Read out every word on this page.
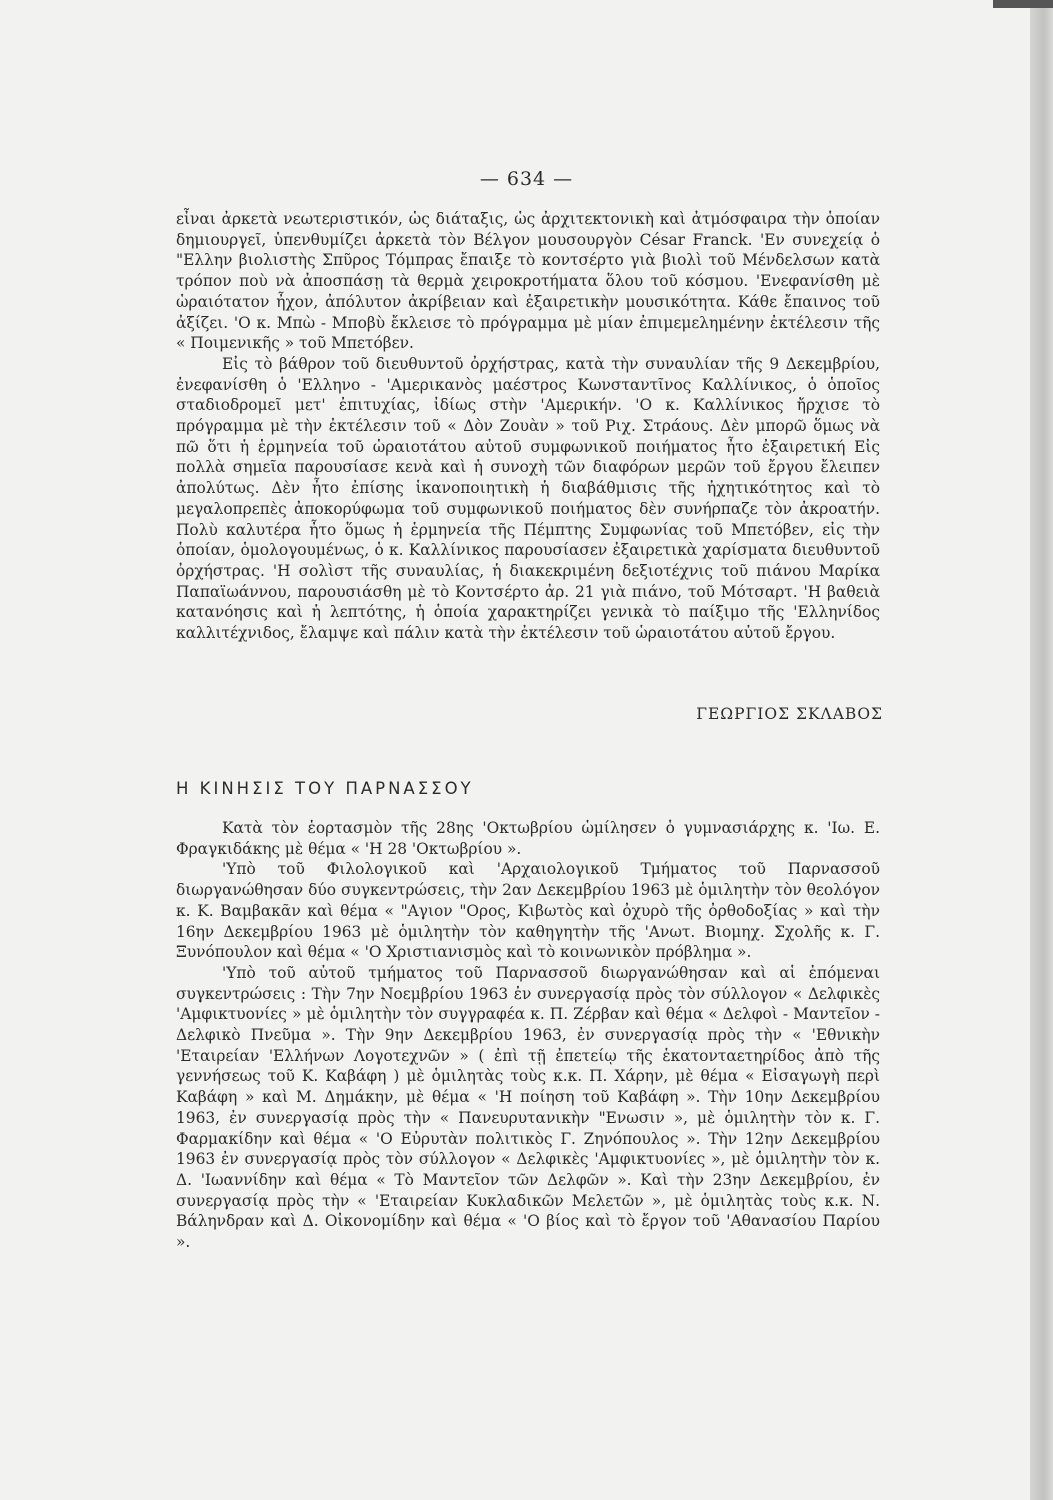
— 634 —

εἶναι ἀρκετὰ νεωτεριστικόν, ὡς διάταξις, ὡς ἀρχιτεκτονικὴ καὶ ἀτμόσφαιρα τὴν ὁποίαν δημιουργεῖ, ὑπενθυμίζει ἀρκετὰ τὸν Βέλγον μουσουργὸν César Franck. 'Εν συνεχείᾳ ὁ "Ελλην βιολιστὴς Σπῦρος Τόμπρας ἔπαιξε τὸ κοντσέρτο γιὰ βιολὶ τοῦ Μένδελσων κατὰ τρόπον ποὺ νὰ ἀποσπάσῃ τὰ θερμὰ χειροκροτήματα ὅλου τοῦ κόσμου. 'Ενεφανίσθη μὲ ὡραιότατον ἦχον, ἀπόλυτον ἀκρίβειαν καὶ ἐξαιρετικὴν μουσικότητα. Κάθε ἔπαινος τοῦ ἀξίζει. 'Ο κ. Μπὼ - Μποβὺ ἔκλεισε τὸ πρόγραμμα μὲ μίαν ἐπιμεμελημένην ἐκτέλεσιν τῆς « Ποιμενικῆς » τοῦ Μπετόβεν.

Εἰς τὸ βάθρον τοῦ διευθυντοῦ ὀρχήστρας, κατὰ τὴν συναυλίαν τῆς 9 Δεκεμβρίου, ἐνεφανίσθη ὁ 'Ελληνο - 'Αμερικανὸς μαέστρος Κωνσταντῖνος Καλλίνικος, ὁ ὁποῖος σταδιοδρομεῖ μετ' ἐπιτυχίας, ἰδίως στὴν 'Αμερικήν. 'Ο κ. Καλλίνικος ἤρχισε τὸ πρόγραμμα μὲ τὴν ἐκτέλεσιν τοῦ « Δὸν Ζουὰν » τοῦ Ριχ. Στράους. Δὲν μπορῶ ὅμως νὰ πῶ ὅτι ἡ ἑρμηνεία τοῦ ὡραιοτάτου αὐτοῦ συμφωνικοῦ ποιήματος ἦτο ἐξαιρετική Εἰς πολλὰ σημεῖα παρουσίασε κενὰ καὶ ἡ συνοχὴ τῶν διαφόρων μερῶν τοῦ ἔργου ἔλειπεν ἀπολύτως. Δὲν ἦτο ἐπίσης ἱκανοποιητικὴ ἡ διαβάθμισις τῆς ἠχητικότητος καὶ τὸ μεγαλοπρεπὲς ἀποκορύφωμα τοῦ συμφωνικοῦ ποιήματος δὲν συνήρπαζε τὸν ἀκροατήν. Πολὺ καλυτέρα ἦτο ὅμως ἡ ἑρμηνεία τῆς Πέμπτης Συμφωνίας τοῦ Μπετόβεν, εἰς τὴν ὁποίαν, ὁμολογουμένως, ὁ κ. Καλλίνικος παρουσίασεν ἐξαιρετικὰ χαρίσματα διευθυντοῦ ὀρχήστρας. 'Η σολὶστ τῆς συναυλίας, ἡ διακεκριμένη δεξιοτέχνις τοῦ πιάνου Μαρίκα Παπαϊωάννου, παρουσιάσθη μὲ τὸ Κοντσέρτο ἀρ. 21 γιὰ πιάνο, τοῦ Μότσαρτ. 'Η βαθειὰ κατανόησις καὶ ἡ λεπτότης, ἡ ὁποία χαρακτηρίζει γενικὰ τὸ παίξιμο τῆς 'Ελληνίδος καλλιτέχνιδος, ἔλαμψε καὶ πάλιν κατὰ τὴν ἐκτέλεσιν τοῦ ὡραιοτάτου αὐτοῦ ἔργου.

ΓΕΩΡΓΙΟΣ ΣΚΛΑΒΟΣ
Η ΚΙΝΗΣΙΣ ΤΟΥ ΠΑΡΝΑΣΣΟΥ

Κατὰ τὸν ἑορτασμὸν τῆς 28ης 'Οκτωβρίου ὡμίλησεν ὁ γυμνασιάρχης κ. 'Ιω. Ε. Φραγκιδάκης μὲ θέμα « 'Η 28 'Οκτωβρίου ».

'Υπὸ τοῦ Φιλολογικοῦ καὶ 'Αρχαιολογικοῦ Τμήματος τοῦ Παρνασσοῦ διωργανώθησαν δύο συγκεντρώσεις, τὴν 2αν Δεκεμβρίου 1963 μὲ ὁμιλητὴν τὸν θεολόγον κ. Κ. Βαμβακᾶν καὶ θέμα « "Αγιον "Ορος, Κιβωτὸς καὶ ὀχυρὸ τῆς ὀρθοδοξίας » καὶ τὴν 16ην Δεκεμβρίου 1963 μὲ ὁμιλητὴν τὸν καθηγητὴν τῆς 'Ανωτ. Βιομηχ. Σχολῆς κ. Γ. Ξυνόπουλον καὶ θέμα « 'Ο Χριστιανισμὸς καὶ τὸ κοινωνικὸν πρόβλημα ».

'Υπὸ τοῦ αὐτοῦ τμήματος τοῦ Παρνασσοῦ διωργανώθησαν καὶ αἱ ἑπόμεναι συγκεντρώσεις : Τὴν 7ην Νοεμβρίου 1963 ἐν συνεργασίᾳ πρὸς τὸν σύλλογον « Δελφικὲς 'Αμφικτυονίες » μὲ ὁμιλητὴν τὸν συγγραφέα κ. Π. Ζέρβαν καὶ θέμα « Δελφοὶ - Μαντεῖον - Δελφικὸ Πνεῦμα ». Τὴν 9ην Δεκεμβρίου 1963, ἐν συνεργασίᾳ πρὸς τὴν « 'Εθνικὴν 'Εταιρείαν 'Ελλήνων Λογοτεχνῶν » ( ἐπὶ τῇ ἐπετείῳ τῆς ἑκατονταετηρίδος ἀπὸ τῆς γεννήσεως τοῦ Κ. Καβάφη ) μὲ ὁμιλητὰς τοὺς κ.κ. Π. Χάρην, μὲ θέμα « Εἰσαγωγὴ περὶ Καβάφη » καὶ Μ. Δημάκην, μὲ θέμα « 'Η ποίηση τοῦ Καβάφη ». Τὴν 10ην Δεκεμβρίου 1963, ἐν συνεργασίᾳ πρὸς τὴν « Πανευρυτανικὴν "Ενωσιν », μὲ ὁμιλητὴν τὸν κ. Γ. Φαρμακίδην καὶ θέμα « 'Ο Εὐρυτὰν πολιτικὸς Γ. Ζηνόπουλος ». Τὴν 12ην Δεκεμβρίου 1963 ἐν συνεργασίᾳ πρὸς τὸν σύλλογον « Δελφικὲς 'Αμφικτυονίες », μὲ ὁμιλητὴν τὸν κ. Δ. 'Ιωαννίδην καὶ θέμα « Τὸ Μαντεῖον τῶν Δελφῶν ». Καὶ τὴν 23ην Δεκεμβρίου, ἐν συνεργασίᾳ πρὸς τὴν « 'Εταιρείαν Κυκλαδικῶν Μελετῶν », μὲ ὁμιλητὰς τοὺς κ.κ. Ν. Βάληνδραν καὶ Δ. Οἰκονομίδην καὶ θέμα « 'Ο βίος καὶ τὸ ἔργον τοῦ 'Αθανασίου Παρίου ».
